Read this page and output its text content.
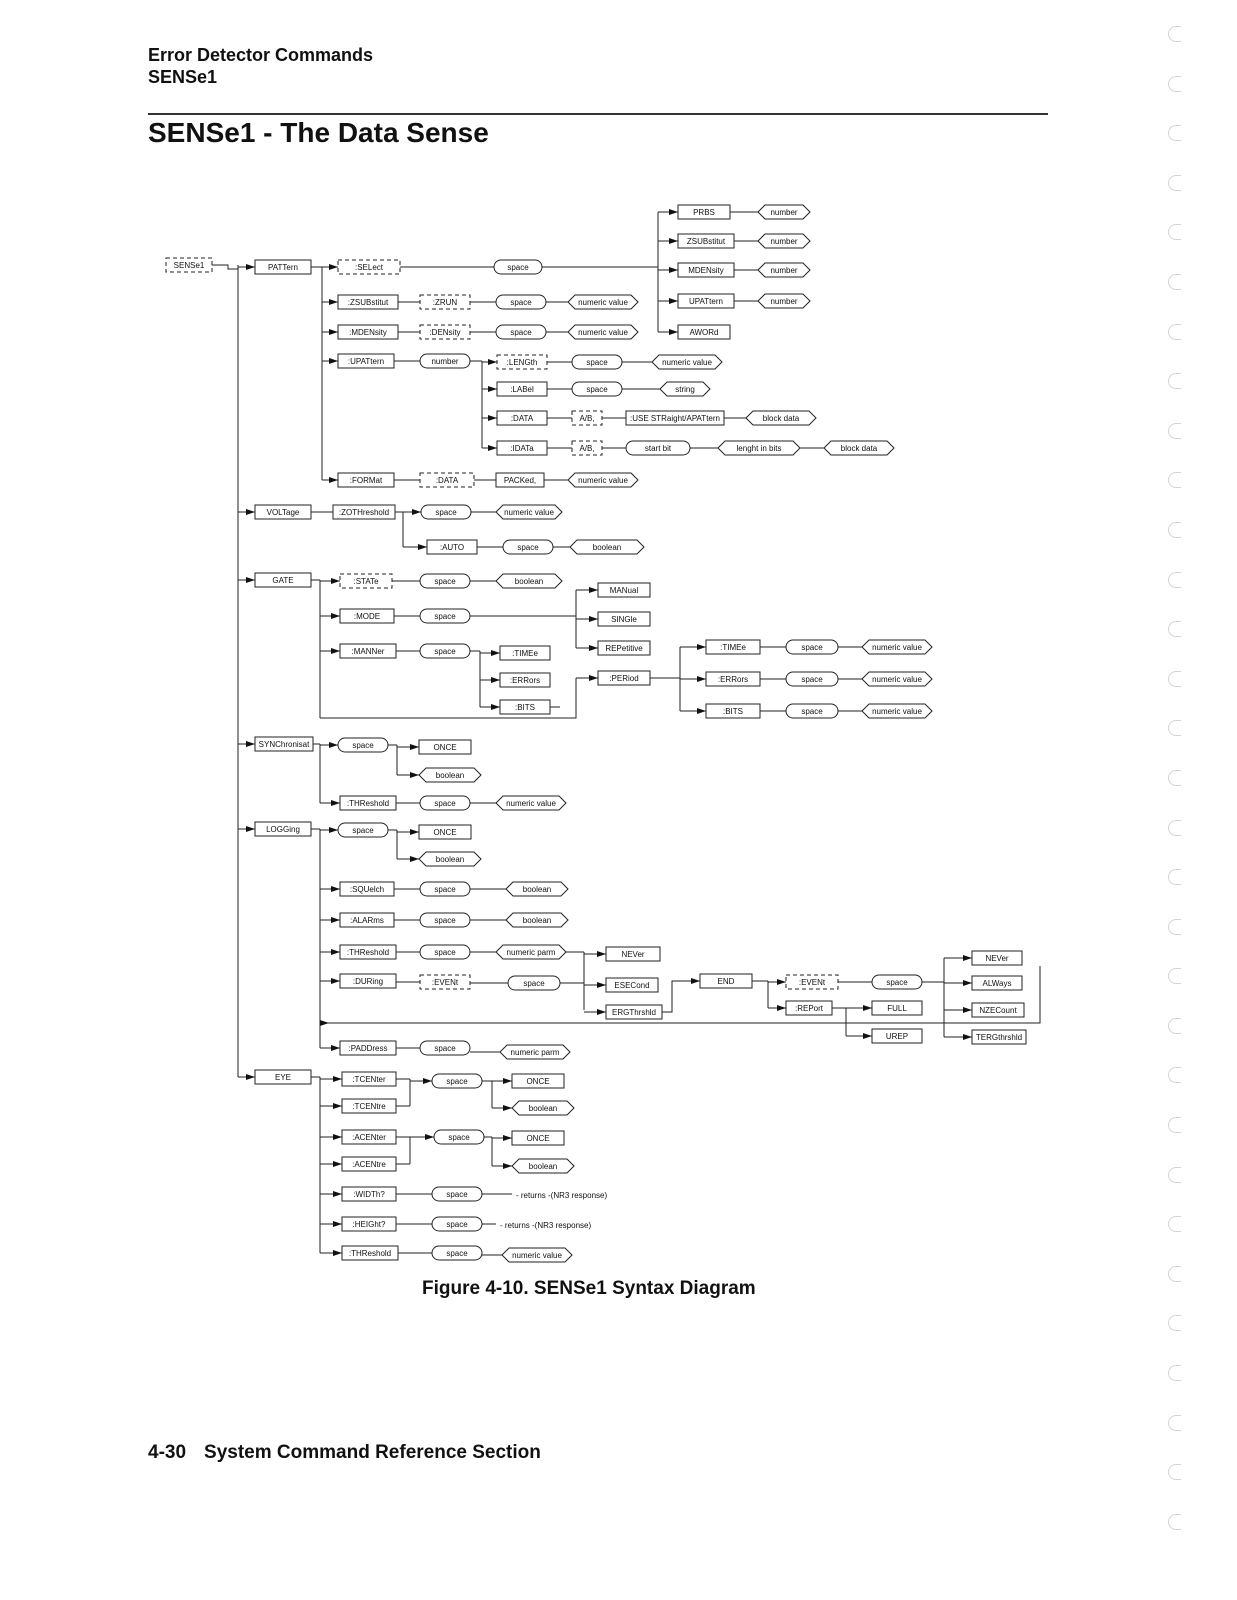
Error Detector Commands
SENSe1
SENSe1 - The Data Sense
SENSe1	PATTern
VOLTage
GATE
SYNChronisat
LOGGing
EYE
:SELect	space
PRBS
ZSUBstitut
MDENsity
UPATtern
AWORd
number
number
number
number
:ZSUBstitut	:ZRUN	space	numeric value
:MDENsity	:DENsity	space	numeric value
:UPATtern	number	:LENGth	space	numeric value
:LABel	space	string
:DATA	A/B,	:USE STRaight/APATtern	block data
:IDATa	A/B,	start bit	lenght in bits	block data
:FORMat	:DATA	PACKed,	numeric value
:ZOTHreshold	space	numeric value
:AUTO	space	boolean
:STATe	space	boolean
:MODE	space
MANual
SINGle
REPetitive
:MANNer	space	:TIMEe
:ERRors
:BITS
:PERiod
:TIMEe	space	numeric value
:ERRors	space	numeric value
:BITS	space	numeric value
space	ONCE
boolean
:THReshold	space	numeric value
space	ONCE
boolean
:SQUelch	space	boolean
:ALARms	space	boolean
:THReshold	space	numeric parm	NEVer
ESECond
ERGThrshld
:DURing	:EVENt	space	END	:EVENt	space
:REPort	FULL
UREP
NEVer
ALWays
NZECount
TERGthrshld
:PADDress	space	numeric parm
:TCENter
:TCENtre
space	ONCE
boolean
:ACENter
:ACENtre
space	ONCE
boolean
:WIDTh?	space	- returns -(NR3 response)
:HEIGht?	space	- returns -(NR3 response)
:THReshold	space	numeric value
Figure 4-10. SENSe1 Syntax Diagram
4-30 System Command Reference Section
